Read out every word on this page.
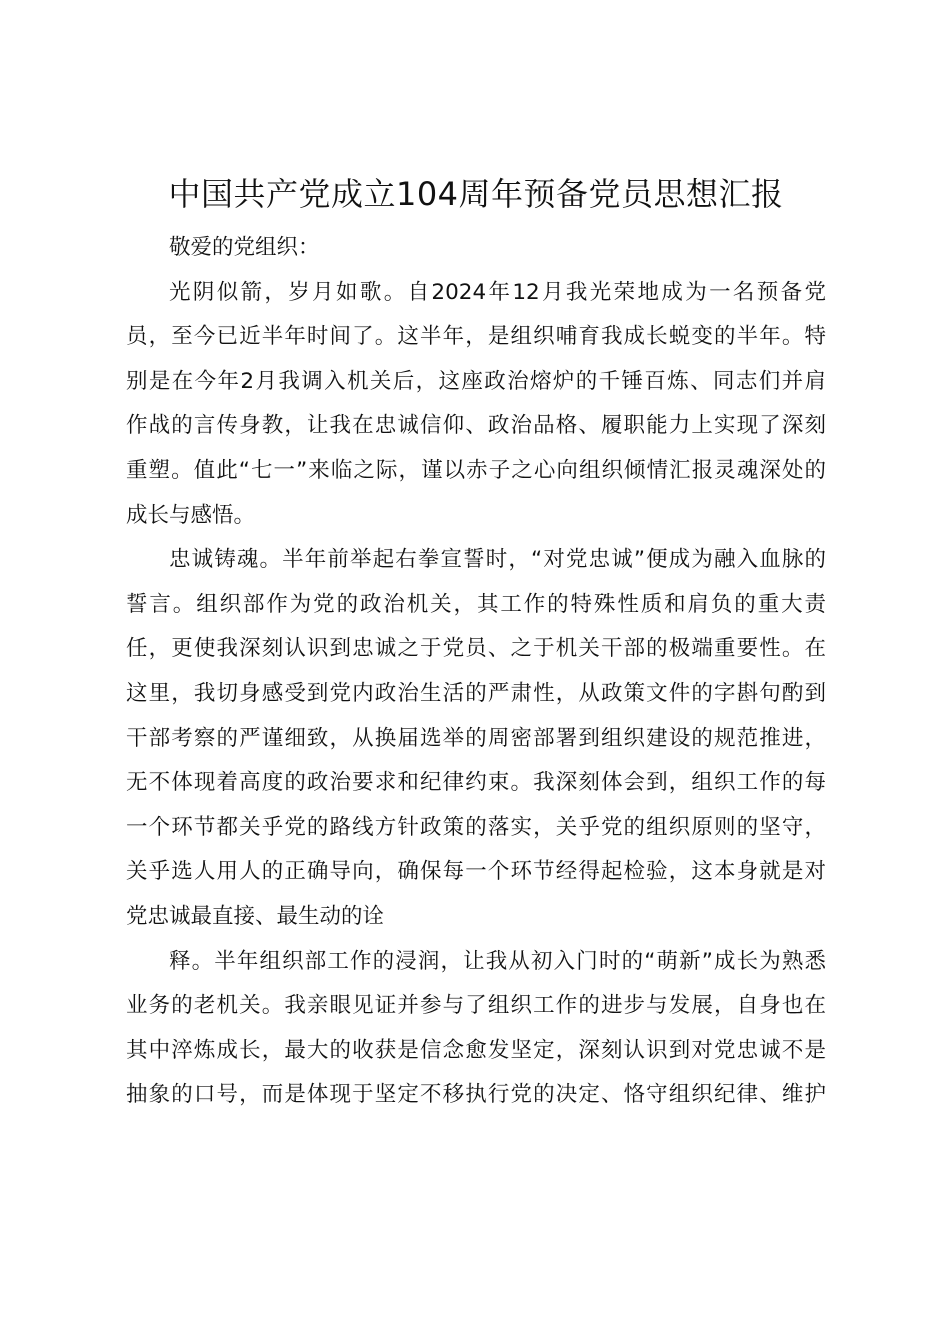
中国共产党成立104周年预备党员思想汇报
敬爱的党组织：
光阴似箭，岁月如歌。自2024年12月我光荣地成为一名预备党
员，至今已近半年时间了。这半年，是组织哺育我成长蜕变的半年。特
别是在今年2月我调入机关后，这座政治熔炉的千锤百炼、同志们并肩
作战的言传身教，让我在忠诚信仰、政治品格、履职能力上实现了深刻
重塑。值此“七一”来临之际，谨以赤子之心向组织倾情汇报灵魂深处的
成长与感悟。
忠诚铸魂。半年前举起右拳宣誓时，“对党忠诚”便成为融入血脉的
誓言。组织部作为党的政治机关，其工作的特殊性质和肩负的重大责
任，更使我深刻认识到忠诚之于党员、之于机关干部的极端重要性。在
这里，我切身感受到党内政治生活的严肃性，从政策文件的字斟句酌到
干部考察的严谨细致，从换届选举的周密部署到组织建设的规范推进，
无不体现着高度的政治要求和纪律约束。我深刻体会到，组织工作的每
一个环节都关乎党的路线方针政策的落实，关乎党的组织原则的坚守，
关乎选人用人的正确导向，确保每一个环节经得起检验，这本身就是对
党忠诚最直接、最生动的诠
释。半年组织部工作的浸润，让我从初入门时的“萌新”成长为熟悉
业务的老机关。我亲眼见证并参与了组织工作的进步与发展，自身也在
其中淬炼成长，最大的收获是信念愈发坚定，深刻认识到对党忠诚不是
抽象的口号，而是体现于坚定不移执行党的决定、恪守组织纪律、维护
